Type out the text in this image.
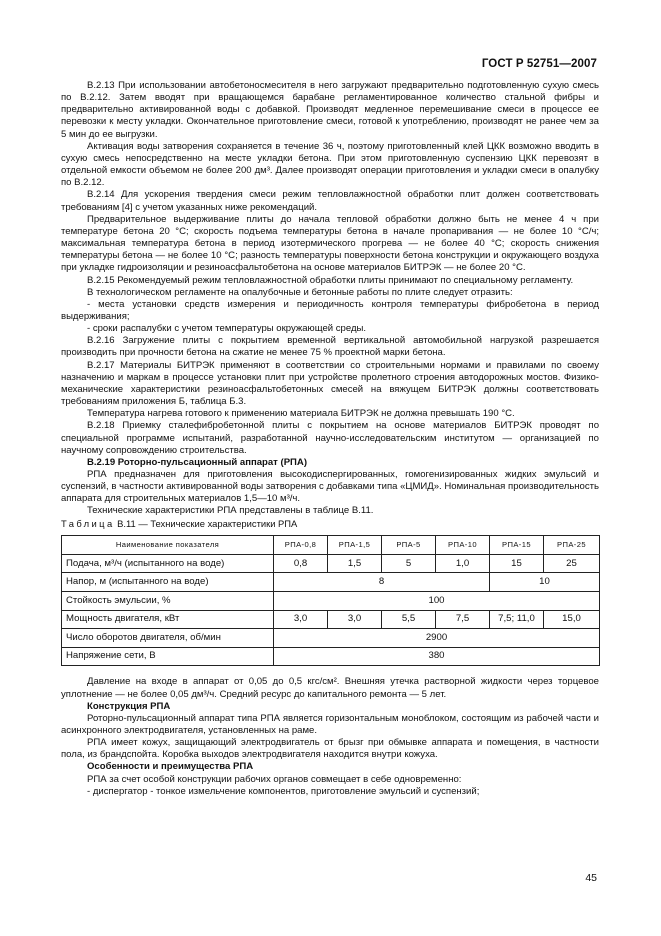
ГОСТ Р 52751—2007

В.2.13 При использовании автобетоносмесителя в него загружают предварительно подготовленную сухую смесь по В.2.12. Затем вводят при вращающемся барабане регламентированное количество стальной фибры и предварительно активированной воды с добавкой. Производят медленное перемешивание смеси в процессе ее перевозки к месту укладки. Окончательное приготовление смеси, готовой к употреблению, производят не ранее чем за 5 мин до ее выгрузки.

Активация воды затворения сохраняется в течение 36 ч, поэтому приготовленный клей ЦКК возможно вводить в сухую смесь непосредственно на месте укладки бетона. При этом приготовленную суспензию ЦКК перевозят в отдельной емкости объемом не более 200 дм³. Далее производят операции приготовления и укладки смеси в опалубку по В.2.12.

В.2.14 Для ускорения твердения смеси режим тепловлажностной обработки плит должен соответствовать требованиям [4] с учетом указанных ниже рекомендаций.

Предварительное выдерживание плиты до начала тепловой обработки должно быть не менее 4 ч при температуре бетона 20 °С; скорость подъема температуры бетона в начале пропаривания — не более 10 °С/ч; максимальная температура бетона в период изотермического прогрева — не более 40 °С; скорость снижения температуры бетона — не более 10 °С; разность температуры поверхности бетона конструкции и окружающего воздуха при укладке гидроизоляции и резиноасфальтобетона на основе материалов БИТРЭК — не более 20 °С.

В.2.15 Рекомендуемый режим тепловлажностной обработки плиты принимают по специальному регламенту.

В технологическом регламенте на опалубочные и бетонные работы по плите следует отразить:

- места установки средств измерения и периодичность контроля температуры фибробетона в период выдерживания;

- сроки распалубки с учетом температуры окружающей среды.

В.2.16 Загружение плиты с покрытием временной вертикальной автомобильной нагрузкой разрешается производить при прочности бетона на сжатие не менее 75 % проектной марки бетона.

В.2.17 Материалы БИТРЭК применяют в соответствии со строительными нормами и правилами по своему назначению и маркам в процессе установки плит при устройстве пролетного строения автодорожных мостов. Физико-механические характеристики резиноасфальтобетонных смесей на вяжущем БИТРЭК должны соответствовать требованиям приложения Б, таблица Б.3.

Температура нагрева готового к применению материала БИТРЭК не должна превышать 190 °С.

В.2.18 Приемку сталефибробетонной плиты с покрытием на основе материалов БИТРЭК проводят по специальной программе испытаний, разработанной научно-исследовательским институтом — организацией по научному сопровождению строительства.

В.2.19 Роторно-пульсационный аппарат (РПА)

РПА предназначен для приготовления высокодиспергированных, гомогенизированных жидких эмульсий и суспензий, в частности активированной воды затворения с добавками типа «ЦМИД». Номинальная производительность аппарата для строительных материалов 1,5—10 м³/ч.

Технические характеристики РПА представлены в таблице В.11.

Таблица В.11 — Технические характеристики РПА

Наименование показателя	РПА-0,8	РПА-1,5	РПА-5	РПА-10	РПА-15	РПА-25
Подача, м³/ч (испытанного на воде)	0,8	1,5	5	1,0	15	25
Напор, м (испытанного на воде)	8				10	
Стойкость эмульсии, %	100					
Мощность двигателя, кВт	3,0	3,0	5,5	7,5	7,5; 11,0	15,0
Число оборотов двигателя, об/мин	2900					
Напряжение сети, В	380					

Давление на входе в аппарат от 0,05 до 0,5 кгс/см². Внешняя утечка растворной жидкости через торцевое уплотнение — не более 0,05 дм³/ч. Средний ресурс до капитального ремонта — 5 лет.

Конструкция РПА

Роторно-пульсационный аппарат типа РПА является горизонтальным моноблоком, состоящим из рабочей части и асинхронного электродвигателя, установленных на раме.

РПА имеет кожух, защищающий электродвигатель от брызг при обмывке аппарата и помещения, в частности пола, из брандспойта. Коробка выходов электродвигателя находится внутри кожуха.

Особенности и преимущества РПА

РПА за счет особой конструкции рабочих органов совмещает в себе одновременно:

- диспергатор - тонкое измельчение компонентов, приготовление эмульсий и суспензий;

45
